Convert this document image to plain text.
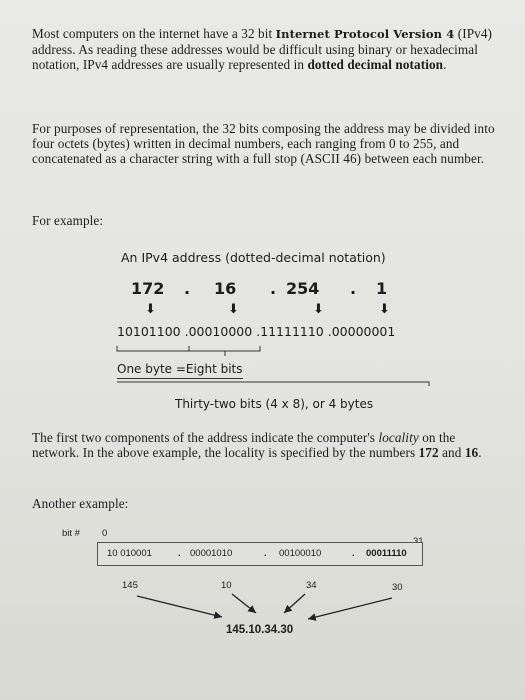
Most computers on the internet have a 32 bit Internet Protocol Version 4 (IPv4) address. As reading these addresses would be difficult using binary or hexadecimal notation, IPv4 addresses are usually represented in dotted decimal notation.
For purposes of representation, the 32 bits composing the address may be divided into four octets (bytes) written in decimal numbers, each ranging from 0 to 255, and concatenated as a character string with a full stop (ASCII 46) between each number.
For example:
An IPv4 address (dotted-decimal notation)
172 . 16 . 254 . 1
⬇	⬇	⬇	⬇
10101100 .00010000 .11111110 .00000001
One byte =Eight bits
Thirty-two bits (4 x 8), or 4 bytes
The first two components of the address indicate the computer's locality on the network. In the above example, the locality is specified by the numbers 172 and 16.
Another example:
bit # 0
10 010001	. 00001010	. 00100010	. 00011110
145	10	34	30
145.10.34.30
